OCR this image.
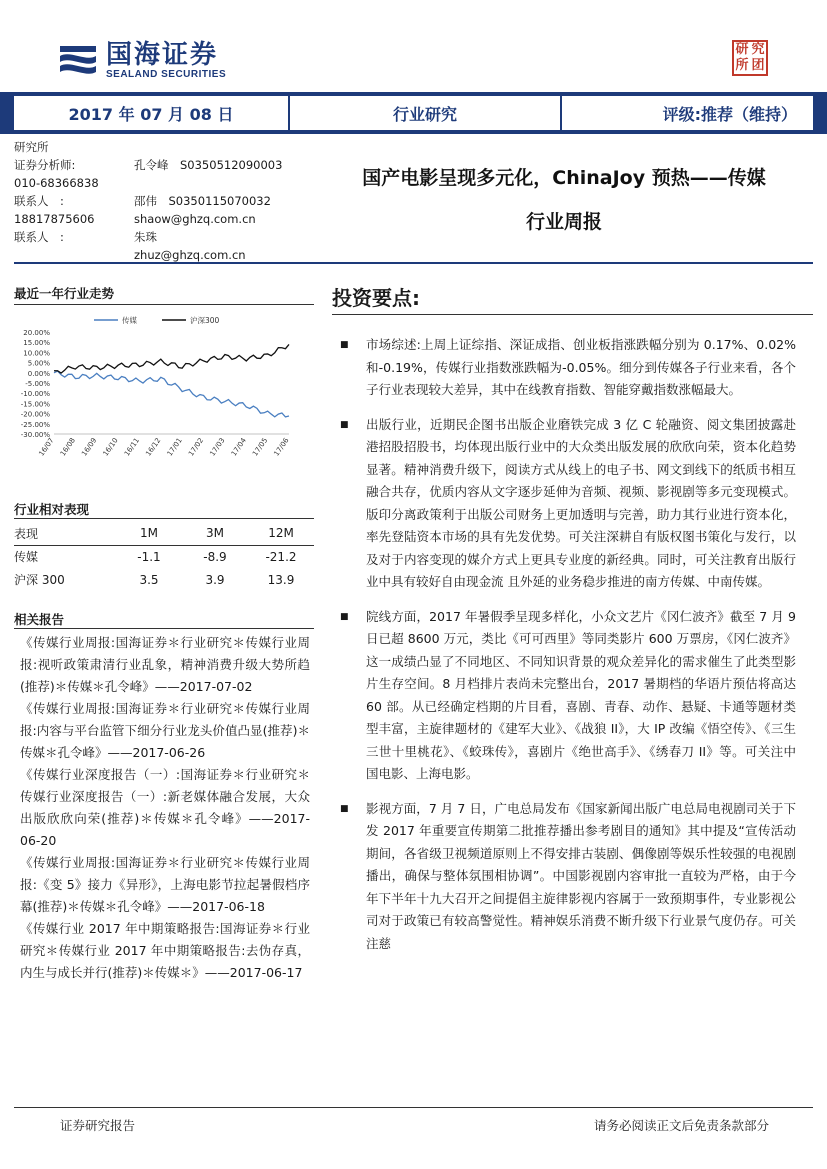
国海证券
SEALAND SECURITIES
研 究
所 团
2017 年 07 月 08 日	行业研究	评级:推荐（维持）
研究所
证券分析师:	孔令峰　S0350512090003
010-68366838
联系人　:	邵伟　S0350115070032
18817875606	shaow@ghzq.com.cn
联系人　:	朱珠
zhuz@ghzq.com.cn
国产电影呈现多元化，ChinaJoy 预热——传媒
行业周报
最近一年行业走势
20.00%
15.00%
10.00%
5.00%
0.00%
-5.00%
-10.00%
-15.00%
-20.00%
-25.00%
-30.00%
16/07 16/08 16/09 16/10 16/11 16/12 17/01 17/02 17/03 17/04 17/05 17/06
传媒	沪深300
行业相对表现
表现	1M	3M	12M
传媒	-1.1	-8.9	-21.2
沪深 300	3.5	3.9	13.9
相关报告
《传媒行业周报:国海证券＊行业研究＊传媒行业周报:视听政策肃清行业乱象，精神消费升级大势所趋(推荐)＊传媒＊孔令峰》——2017-07-02
《传媒行业周报:国海证券＊行业研究＊传媒行业周报:内容与平台监管下细分行业龙头价值凸显(推荐)＊传媒＊孔令峰》——2017-06-26
《传媒行业深度报告（一）:国海证券＊行业研究＊传媒行业深度报告（一）:新老媒体融合发展，大众出版欣欣向荣(推荐)＊传媒＊孔令峰》——2017-06-20
《传媒行业周报:国海证券＊行业研究＊传媒行业周报:《变 5》接力《异形》，上海电影节拉起暑假档序幕(推荐)＊传媒＊孔令峰》——2017-06-18
《传媒行业 2017 年中期策略报告:国海证券＊行业研究＊传媒行业 2017 年中期策略报告:去伪存真，内生与成长并行(推荐)＊传媒＊》——2017-06-17
投资要点:
■	市场综述:上周上证综指、深证成指、创业板指涨跌幅分别为 0.17%、0.02%和-0.19%，传媒行业指数涨跌幅为-0.05%。细分到传媒各子行业来看，各个子行业表现较大差异，其中在线教育指数、智能穿戴指数涨幅最大。
■	出版行业，近期民企图书出版企业磨铁完成 3 亿 C 轮融资、阅文集团披露赴港招股招股书，均体现出版行业中的大众类出版发展的欣欣向荣，资本化趋势显著。精神消费升级下，阅读方式从线上的电子书、网文到线下的纸质书相互融合共存，优质内容从文字逐步延伸为音频、视频、影视剧等多元变现模式。版印分离政策利于出版公司财务上更加透明与完善，助力其行业进行资本化，率先登陆资本市场的具有先发优势。可关注深耕自有版权图书策化与发行，以及对于内容变现的媒介方式上更具专业度的新经典。同时，可关注教育出版行业中具有较好自由现金流 且外延的业务稳步推进的南方传媒、中南传媒。
■	院线方面，2017 年暑假季呈现多样化，小众文艺片《冈仁波齐》截至 7 月 9 日已超 8600 万元，类比《可可西里》等同类影片 600 万票房，《冈仁波齐》这一成绩凸显了不同地区、不同知识背景的观众差异化的需求催生了此类型影片生存空间。8 月档排片表尚未完整出台，2017 暑期档的华语片预估将高达 60 部。从已经确定档期的片目看，喜剧、青春、动作、悬疑、卡通等题材类型丰富，主旋律题材的《建军大业》、《战狼 II》，大 IP 改编《悟空传》、《三生三世十里桃花》、《蛟珠传》，喜剧片《绝世高手》、《绣春刀 II》等。可关注中国电影、上海电影。
■	影视方面，7 月 7 日，广电总局发布《国家新闻出版广电总局电视剧司关于下发 2017 年重要宣传期第二批推荐播出参考剧目的通知》其中提及“宣传活动期间，各省级卫视频道原则上不得安排古装剧、偶像剧等娱乐性较强的电视剧播出，确保与整体氛围相协调”。中国影视剧内容审批一直较为严格，由于今年下半年十九大召开之间提倡主旋律影视内容属于一致预期事件，专业影视公司对于政策已有较高警觉性。精神娱乐消费不断升级下行业景气度仍存。可关注慈
证券研究报告	请务必阅读正文后免责条款部分
